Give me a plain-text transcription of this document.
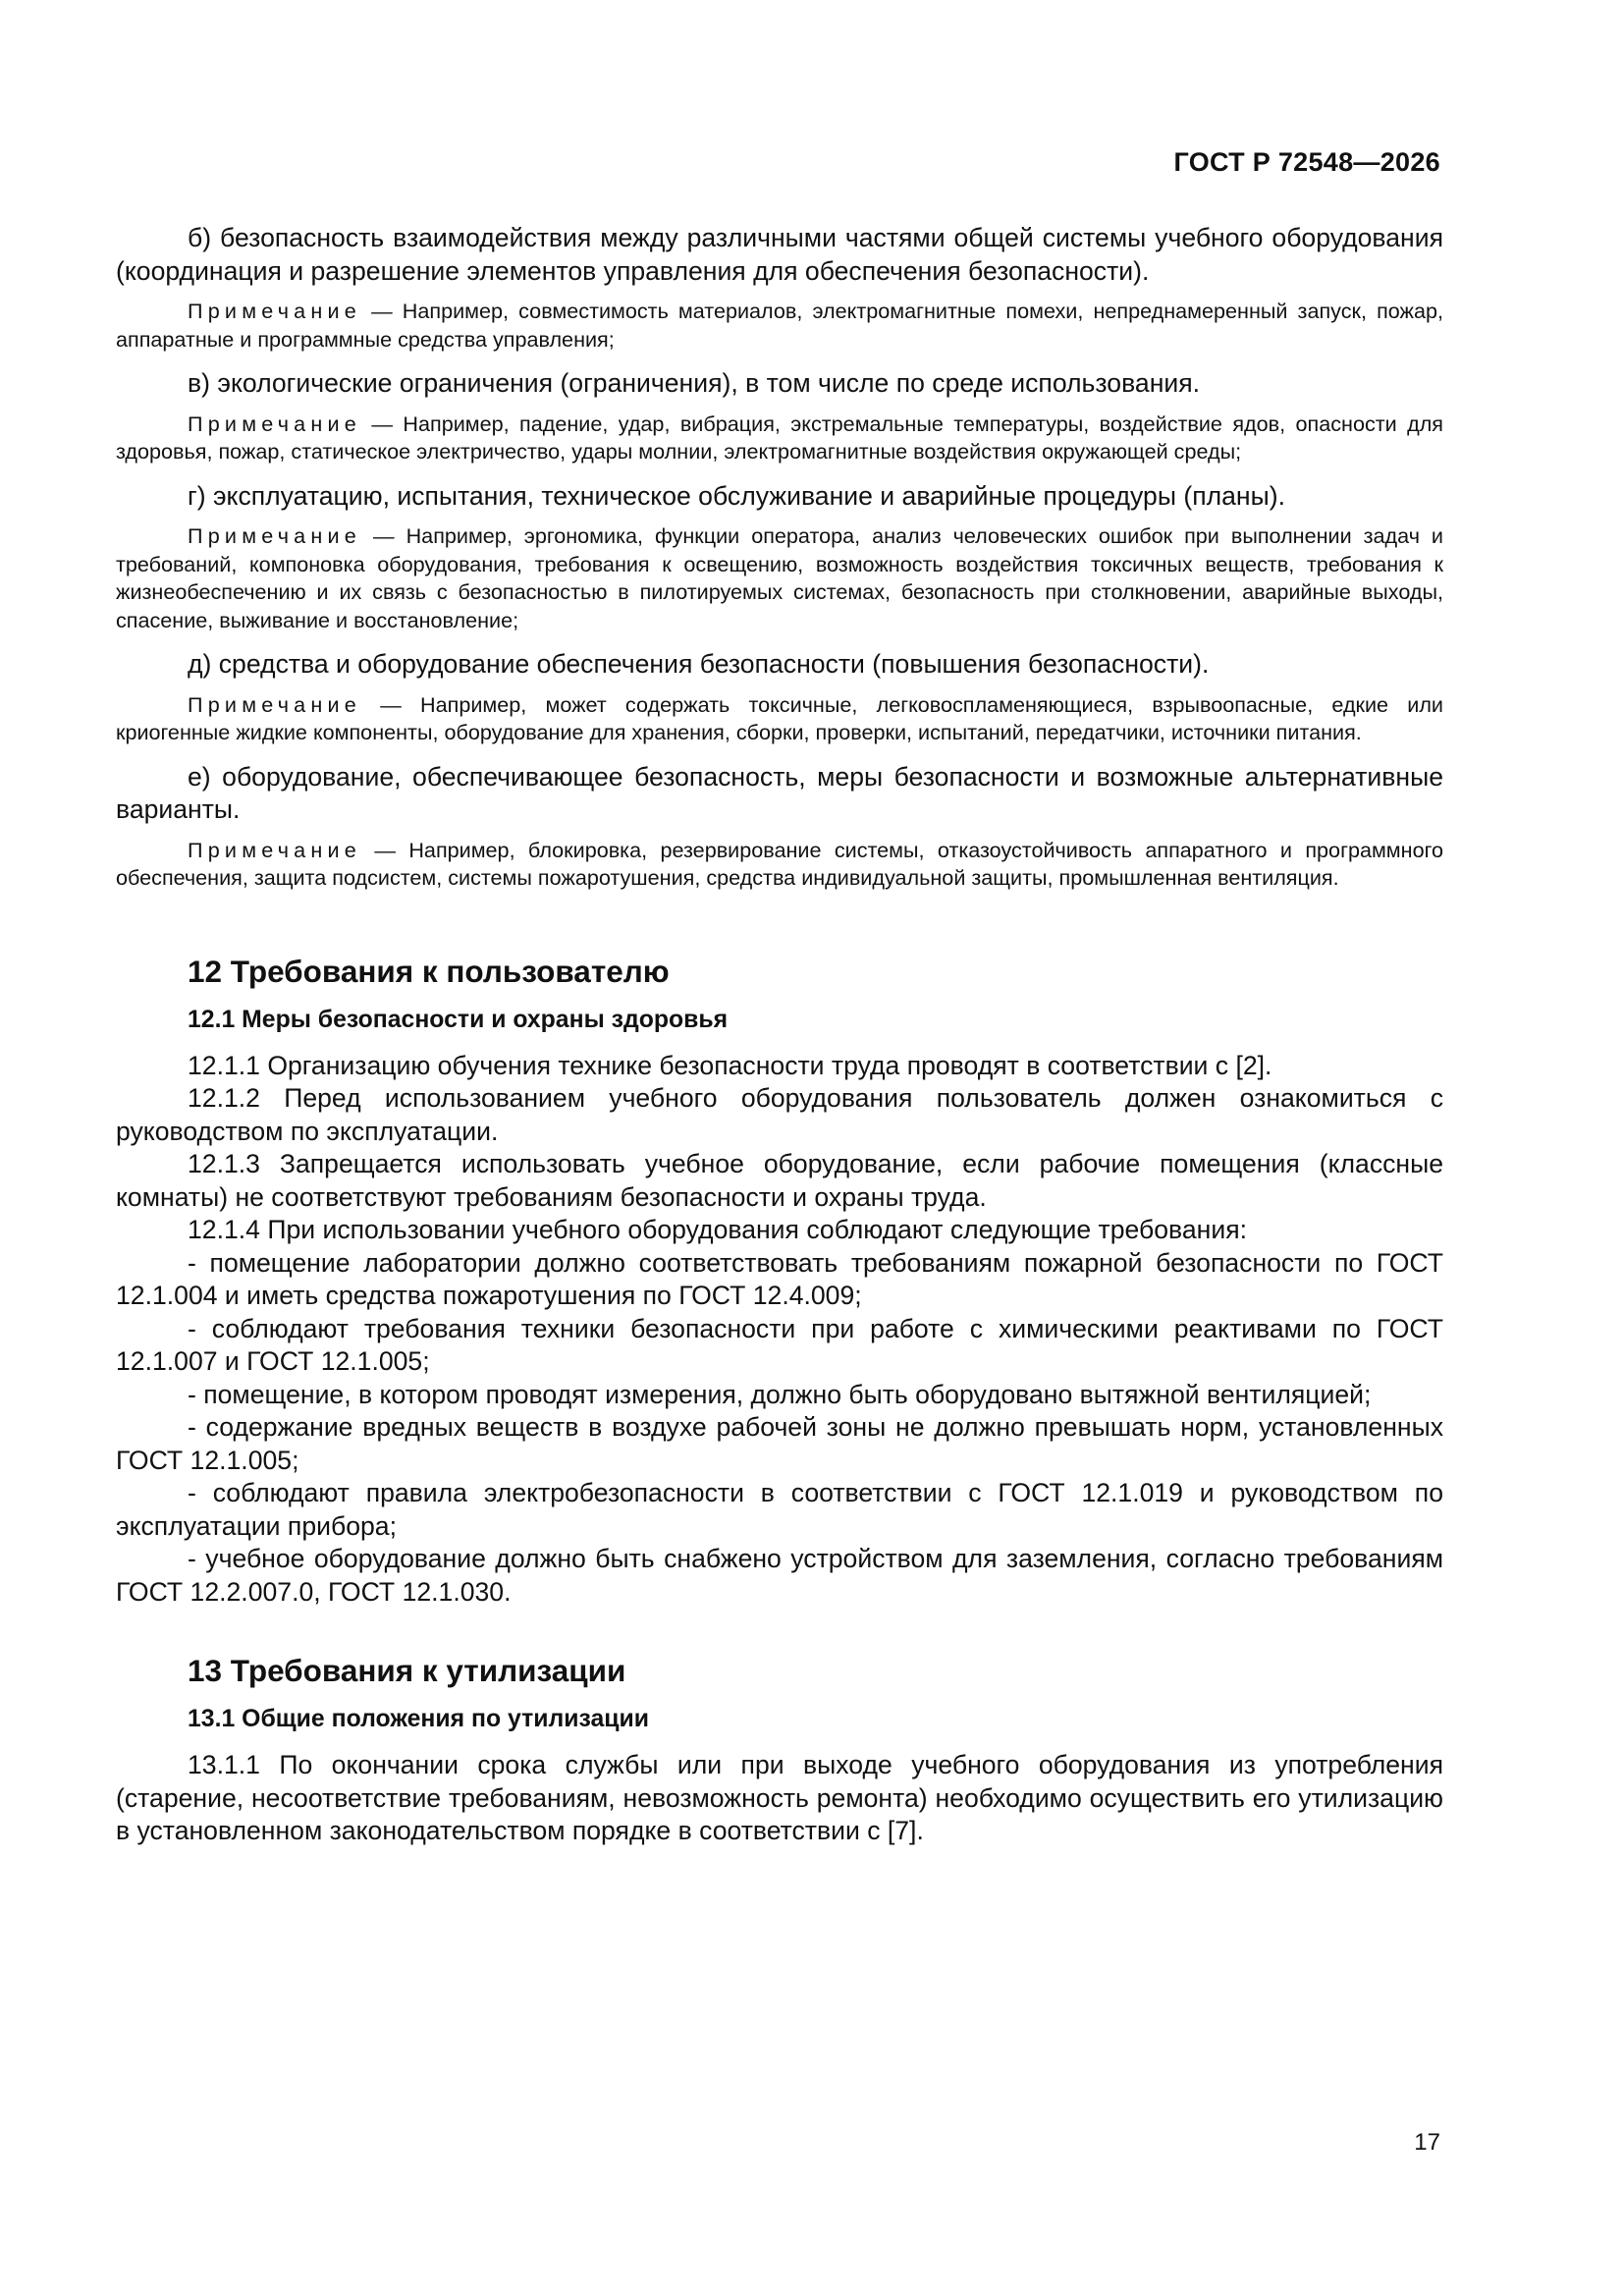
ГОСТ Р 72548—2026

б) безопасность взаимодействия между различными частями общей системы учебного оборудования (координация и разрешение элементов управления для обеспечения безопасности).

Примечание — Например, совместимость материалов, электромагнитные помехи, непреднамеренный запуск, пожар, аппаратные и программные средства управления;

в) экологические ограничения (ограничения), в том числе по среде использования.

Примечание — Например, падение, удар, вибрация, экстремальные температуры, воздействие ядов, опасности для здоровья, пожар, статическое электричество, удары молнии, электромагнитные воздействия окружающей среды;

г) эксплуатацию, испытания, техническое обслуживание и аварийные процедуры (планы).

Примечание — Например, эргономика, функции оператора, анализ человеческих ошибок при выполнении задач и требований, компоновка оборудования, требования к освещению, возможность воздействия токсичных веществ, требования к жизнеобеспечению и их связь с безопасностью в пилотируемых системах, безопасность при столкновении, аварийные выходы, спасение, выживание и восстановление;

д) средства и оборудование обеспечения безопасности (повышения безопасности).

Примечание — Например, может содержать токсичные, легковоспламеняющиеся, взрывоопасные, едкие или криогенные жидкие компоненты, оборудование для хранения, сборки, проверки, испытаний, передатчики, источники питания.

е) оборудование, обеспечивающее безопасность, меры безопасности и возможные альтернативные варианты.

Примечание — Например, блокировка, резервирование системы, отказоустойчивость аппаратного и программного обеспечения, защита подсистем, системы пожаротушения, средства индивидуальной защиты, промышленная вентиляция.

12 Требования к пользователю
12.1 Меры безопасности и охраны здоровья

12.1.1 Организацию обучения технике безопасности труда проводят в соответствии с [2].

12.1.2 Перед использованием учебного оборудования пользователь должен ознакомиться с руководством по эксплуатации.

12.1.3 Запрещается использовать учебное оборудование, если рабочие помещения (классные комнаты) не соответствуют требованиям безопасности и охраны труда.

12.1.4 При использовании учебного оборудования соблюдают следующие требования:

- помещение лаборатории должно соответствовать требованиям пожарной безопасности по ГОСТ 12.1.004 и иметь средства пожаротушения по ГОСТ 12.4.009;

- соблюдают требования техники безопасности при работе с химическими реактивами по ГОСТ 12.1.007 и ГОСТ 12.1.005;

- помещение, в котором проводят измерения, должно быть оборудовано вытяжной вентиляцией;

- содержание вредных веществ в воздухе рабочей зоны не должно превышать норм, установленных ГОСТ 12.1.005;

- соблюдают правила электробезопасности в соответствии с ГОСТ 12.1.019 и руководством по эксплуатации прибора;

- учебное оборудование должно быть снабжено устройством для заземления, согласно требованиям ГОСТ 12.2.007.0, ГОСТ 12.1.030.

13 Требования к утилизации
13.1 Общие положения по утилизации

13.1.1 По окончании срока службы или при выходе учебного оборудования из употребления (старение, несоответствие требованиям, невозможность ремонта) необходимо осуществить его утилизацию в установленном законодательством порядке в соответствии с [7].

17
